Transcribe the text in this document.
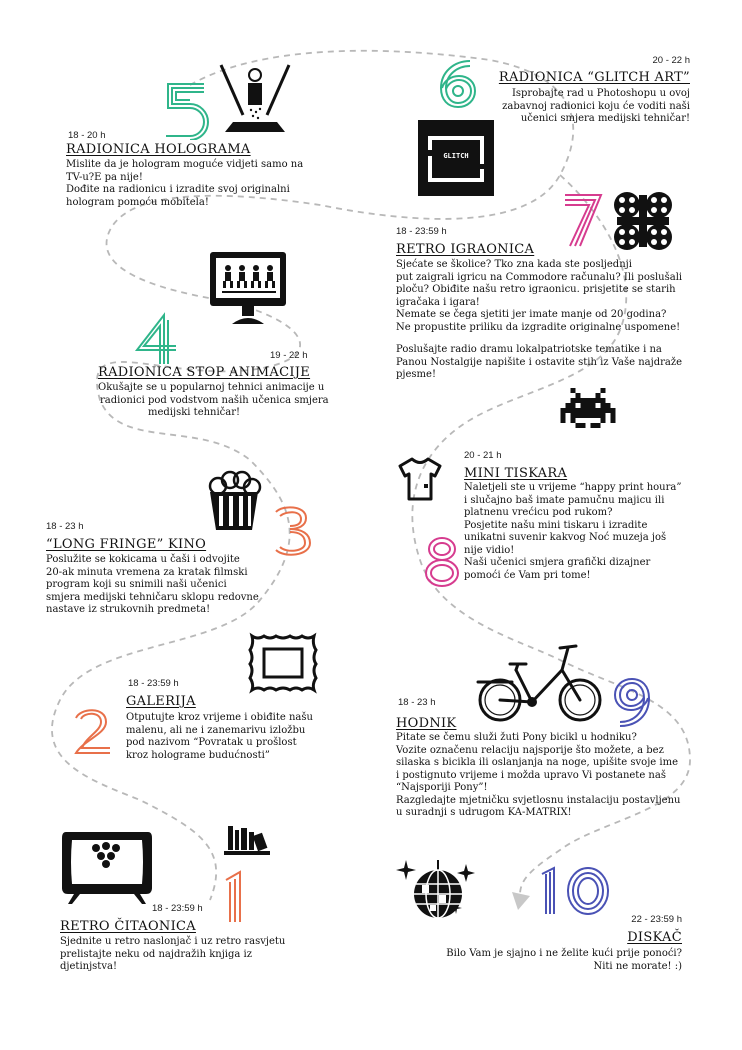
18 - 20 h
RADIONICA HOLOGRAMA
Mislite da je hologram moguće vidjeti samo na
TV-u?E pa nije!
Dođite na radionicu i izradite svoj originalni
hologram pomoću mobitela!
GLITCH
20 - 22 h
RADIONICA “GLITCH ART”
Isprobajte rad u Photoshopu u ovoj
zabavnoj radionici koju će voditi naši
učenici smjera medijski tehničar!
18 - 23:59 h
RETRO IGRAONICA
Sjećate se školice? Tko zna kada ste posljednji
put zaigrali igricu na Commodore računalu? Ili poslušali
ploču? Obiđite našu retro igraonicu. prisjetite se starih
igračaka i igara!
Nemate se čega sjetiti jer imate manje od 20 godina?
Ne propustite priliku da izgradite originalne uspomene!
Poslušajte radio dramu lokalpatriotske tematike i na
Panou Nostalgije napišite i ostavite stih iz Vaše najdraže
pjesme!
19 - 22 h
RADIONICA STOP ANIMACIJE
Okušajte se u popularnoj tehnici animacije u
radionici pod vodstvom naših učenica smjera
medijski tehničar!
20 - 21 h
MINI TISKARA
Naletjeli ste u vrijeme “happy print houra”
i slučajno baš imate pamučnu majicu ili
platnenu vrećicu pod rukom?
Posjetite našu mini tiskaru i izradite
unikatni suvenir kakvog Noć muzeja još
nije vidio!
Naši učenici smjera grafički dizajner
pomoći će Vam pri tome!
18 - 23 h
“LONG FRINGE” KINO
Poslužite se kokicama u čaši i odvojite
20-ak minuta vremena za kratak filmski
program koji su snimili naši učenici
smjera medijski tehničaru sklopu redovne
nastave iz strukovnih predmeta!
18 - 23:59 h
GALERIJA
Otputujte kroz vrijeme i obiđite našu
malenu, ali ne i zanemarivu izložbu
pod nazivom “Povratak u prošlost
kroz holograme budućnosti”
18 - 23 h
HODNIK
Pitate se čemu služi žuti Pony bicikl u hodniku?
Vozite označenu relaciju najsporije što možete, a bez
silaska s bicikla ili oslanjanja na noge, upišite svoje ime
i postignuto vrijeme i možda upravo Vi postanete naš
“Najsporiji Pony”!
Razgledajte mjetničku svjetlosnu instalaciju postavljenu
u suradnji s udrugom KA-MATRIX!
18 - 23:59 h
RETRO ČITAONICA
Sjednite u retro naslonjač i uz retro rasvjetu
prelistajte neku od najdražih knjiga iz
djetinjstva!
22 - 23:59 h
DISKAČ
Bilo Vam je sjajno i ne želite kući prije ponoći?
Niti ne morate! :)
